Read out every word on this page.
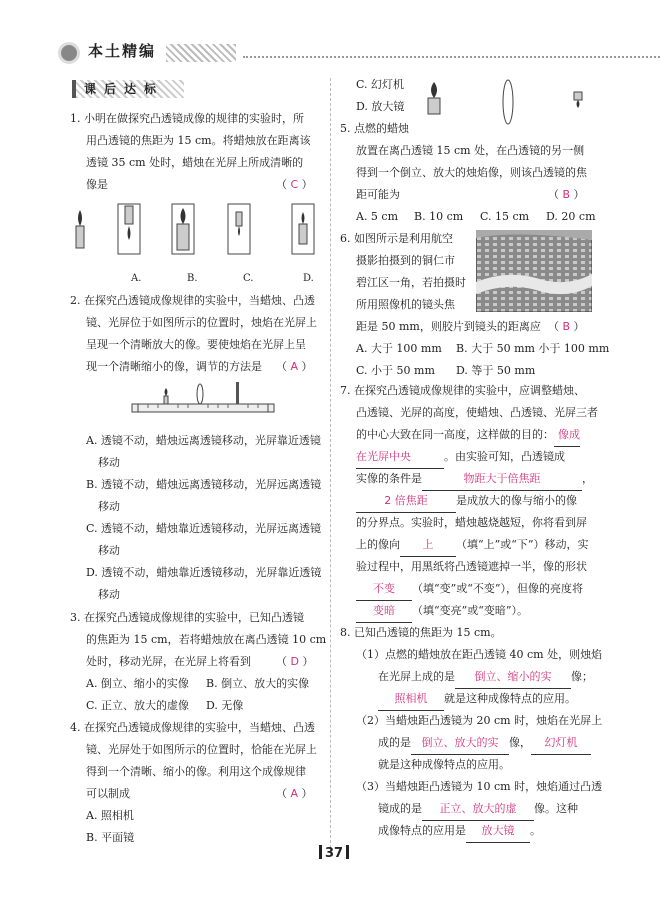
本土精编
课后达标
1. 小明在做探究凸透镜成像的规律的实验时，所
用凸透镜的焦距为 15 cm。将蜡烛放在距离该
透镜 35 cm 处时，蜡烛在光屏上所成清晰的
像是	（ C ）
A.	B.	C.	D.
2. 在探究凸透镜成像规律的实验中，当蜡烛、凸透
镜、光屏位于如图所示的位置时，烛焰在光屏上
呈现一个清晰放大的像。要使烛焰在光屏上呈
现一个清晰缩小的像，调节的方法是 （ A ）
A. 透镜不动，蜡烛远离透镜移动，光屏靠近透镜
移动
B. 透镜不动，蜡烛远离透镜移动，光屏远离透镜
移动
C. 透镜不动，蜡烛靠近透镜移动，光屏远离透镜
移动
D. 透镜不动，蜡烛靠近透镜移动，光屏靠近透镜
移动
3. 在探究凸透镜成像规律的实验中，已知凸透镜
的焦距为 15 cm，若将蜡烛放在离凸透镜 10 cm
处时，移动光屏，在光屏上将看到 （ D ）
A. 倒立、缩小的实像 B. 倒立、放大的实像
C. 正立、放大的虚像 D. 无像
4. 在探究凸透镜成像规律的实验中，当蜡烛、凸透
镜、光屏处于如图所示的位置时，恰能在光屏上
得到一个清晰、缩小的像。利用这个成像规律
可以制成	（ A ）
A. 照相机
B. 平面镜
C. 幻灯机
D. 放大镜
5. 点燃的蜡烛
放置在离凸透镜 15 cm 处，在凸透镜的另一侧
得到一个倒立、放大的烛焰像，则该凸透镜的焦
距可能为	（ B ）
A. 5 cm B. 10 cm C. 15 cm D. 20 cm
6. 如图所示是利用航空
摄影拍摄到的铜仁市
碧江区一角，若拍摄时
所用照像机的镜头焦
距是 50 mm，则胶片到镜头的距离应 （ B ）
A. 大于 100 mm B. 大于 50 mm 小于 100 mm
C. 小于 50 mm D. 等于 50 mm
7. 在探究凸透镜成像规律的实验中，应调整蜡烛、
凸透镜、光屏的高度，使蜡烛、凸透镜、光屏三者
的中心大致在同一高度，这样做的目的： 像成
在光屏中央	。由实验可知，凸透镜成
实像的条件是	物距大于倍焦距	，
2 倍焦距	是成放大的像与缩小的像
的分界点。实验时，蜡烛越烧越短，你将看到屏
上的像向 上 （填“上”或“下”）移动，实
验过程中，用黑纸将凸透镜遮掉一半，像的形状
不变 （填“变”或“不变”），但像的亮度将
变暗 （填“变亮”或“变暗”）。
8. 已知凸透镜的焦距为 15 cm。
（1）点燃的蜡烛放在距凸透镜 40 cm 处，则烛焰
在光屏上成的是 倒立、缩小的实 像；
照相机 就是这种成像特点的应用。
（2）当蜡烛距凸透镜为 20 cm 时，烛焰在光屏上
成的是 倒立、放大的实 像， 幻灯机
就是这种成像特点的应用。
（3）当蜡烛距凸透镜为 10 cm 时，烛焰通过凸透
镜成的是 正立、放大的虚 像。这种
成像特点的应用是 放大镜 。
37
